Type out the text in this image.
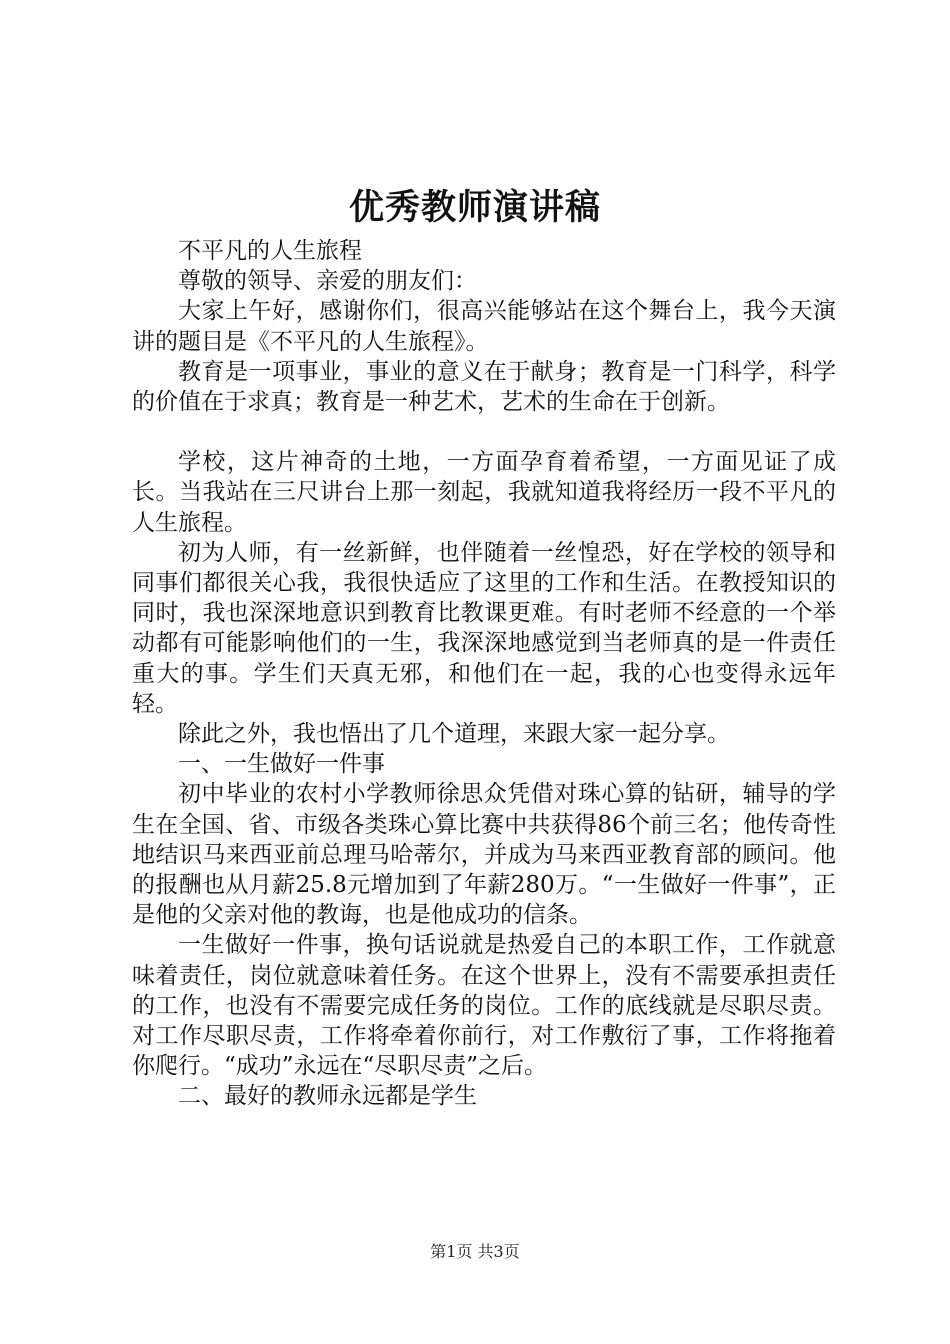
优秀教师演讲稿

不平凡的人生旅程

尊敬的领导、亲爱的朋友们：

大家上午好，感谢你们，很高兴能够站在这个舞台上，我今天演讲的题目是《不平凡的人生旅程》。

教育是一项事业，事业的意义在于献身；教育是一门科学，科学的价值在于求真；教育是一种艺术，艺术的生命在于创新。

学校，这片神奇的土地，一方面孕育着希望，一方面见证了成长。当我站在三尺讲台上那一刻起，我就知道我将经历一段不平凡的人生旅程。

初为人师，有一丝新鲜，也伴随着一丝惶恐，好在学校的领导和同事们都很关心我，我很快适应了这里的工作和生活。在教授知识的同时，我也深深地意识到教育比教课更难。有时老师不经意的一个举动都有可能影响他们的一生，我深深地感觉到当老师真的是一件责任重大的事。学生们天真无邪，和他们在一起，我的心也变得永远年轻。

除此之外，我也悟出了几个道理，来跟大家一起分享。

一、一生做好一件事

初中毕业的农村小学教师徐思众凭借对珠心算的钻研，辅导的学生在全国、省、市级各类珠心算比赛中共获得86个前三名；他传奇性地结识马来西亚前总理马哈蒂尔，并成为马来西亚教育部的顾问。他的报酬也从月薪25.8元增加到了年薪280万。“一生做好一件事”，正是他的父亲对他的教诲，也是他成功的信条。

一生做好一件事，换句话说就是热爱自己的本职工作，工作就意味着责任，岗位就意味着任务。在这个世界上，没有不需要承担责任的工作，也没有不需要完成任务的岗位。工作的底线就是尽职尽责。对工作尽职尽责，工作将牵着你前行，对工作敷衍了事，工作将拖着你爬行。“成功”永远在“尽职尽责”之后。

二、最好的教师永远都是学生

第1页 共3页
